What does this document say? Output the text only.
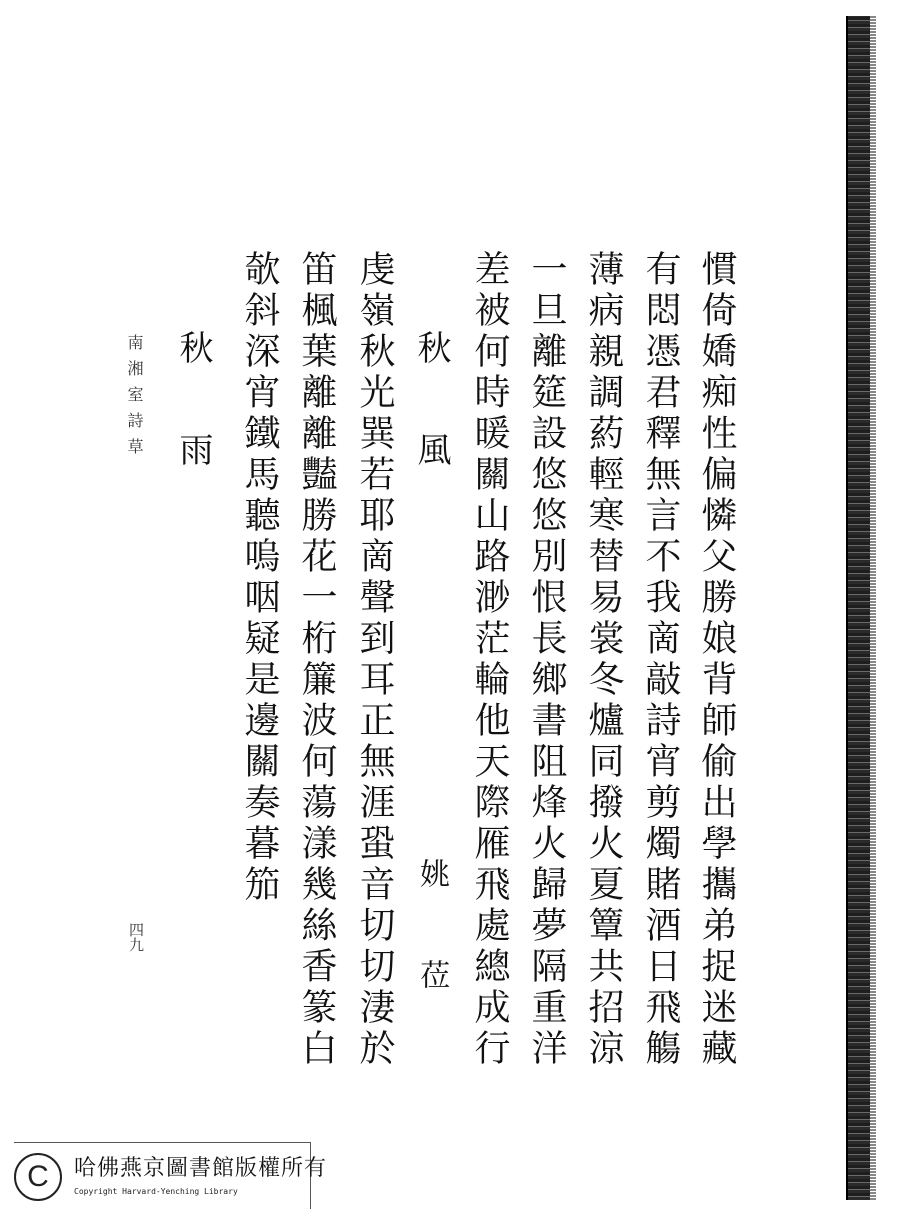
慣倚嬌痴性偏憐父勝娘背師偷出學攜弟捉迷藏
有悶憑君釋無言不我啇敲詩宵剪燭賭酒日飛觴
薄病親調葯輕寒替易裳冬爐同撥火夏簟共招涼
一旦離筵設悠悠別恨長鄉書阻烽火歸夢隔重洋
差被何時暖關山路渺茫輪他天際雁飛處總成行
秋 風
姚 莅
虔嶺秋光巽若耶啇聲到耳正無涯蛩音切切淒於
笛楓葉離離豔勝花一桁簾波何蕩漾幾絲香篆白
欹斜深宵鐵馬聽嗚咽疑是邊關奏暮笳
秋 雨
南湘室詩草
四九
C	哈佛燕京圖書館版權所有
Copyright Harvard-Yenching Library
